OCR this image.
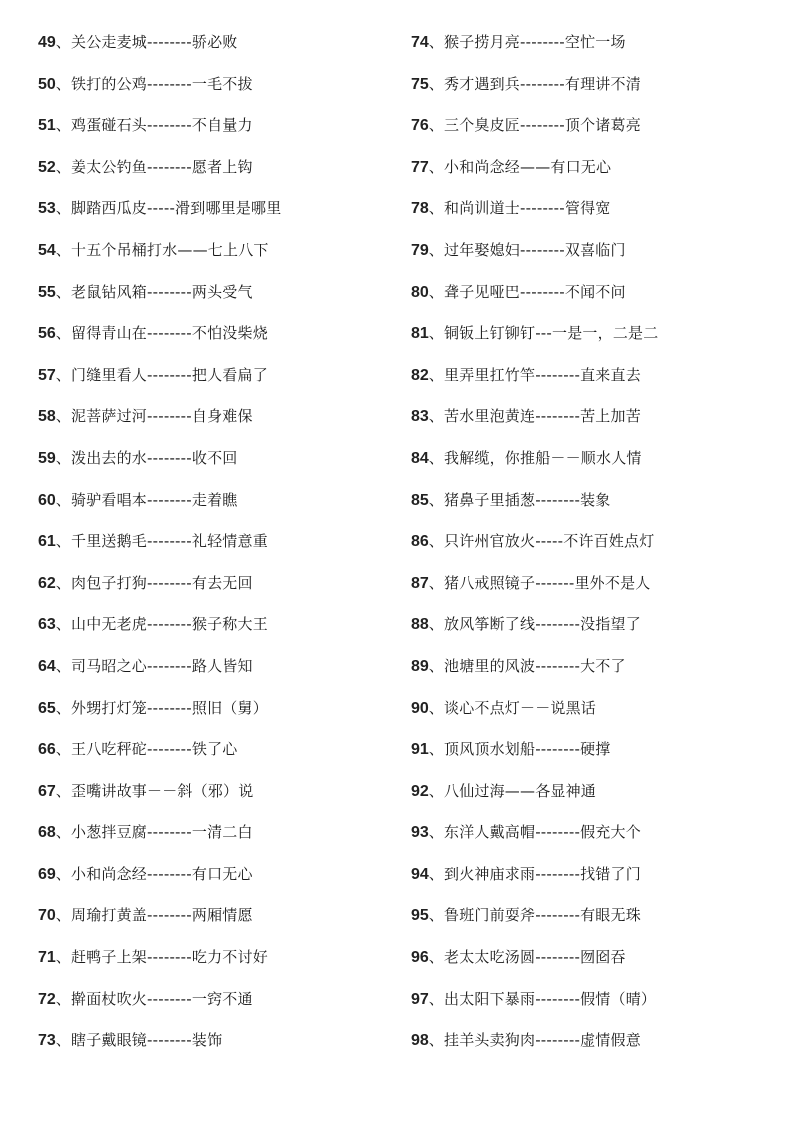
49、关公走麦城--------骄必败
50、铁打的公鸡--------一毛不拔
51、鸡蛋碰石头--------不自量力
52、姜太公钓鱼--------愿者上钩
53、脚踏西瓜皮-----滑到哪里是哪里
54、十五个吊桶打水——七上八下
55、老鼠钻风箱--------两头受气
56、留得青山在--------不怕没柴烧
57、门缝里看人--------把人看扁了
58、泥菩萨过河--------自身难保
59、泼出去的水--------收不回
60、骑驴看唱本--------走着瞧
61、千里送鹅毛--------礼轻情意重
62、肉包子打狗--------有去无回
63、山中无老虎--------猴子称大王
64、司马昭之心--------路人皆知
65、外甥打灯笼--------照旧（舅）
66、王八吃秤砣--------铁了心
67、歪嘴讲故事－－斜（邪）说
68、小葱拌豆腐--------一清二白
69、小和尚念经--------有口无心
70、周瑜打黄盖--------两厢情愿
71、赶鸭子上架--------吃力不讨好
72、擀面杖吹火--------一窍不通
73、瞎子戴眼镜--------装饰
74、猴子捞月亮--------空忙一场
75、秀才遇到兵--------有理讲不清
76、三个臭皮匠--------顶个诸葛亮
77、小和尚念经——有口无心
78、和尚训道士--------管得宽
79、过年娶媳妇--------双喜临门
80、聋子见哑巴--------不闻不问
81、铜钣上钉铆钉---一是一，二是二
82、里弄里扛竹竿--------直来直去
83、苦水里泡黄连--------苦上加苦
84、我解缆，你推船－－顺水人情
85、猪鼻子里插葱--------装象
86、只许州官放火-----不许百姓点灯
87、猪八戒照镜子-------里外不是人
88、放风筝断了线--------没指望了
89、池塘里的风波--------大不了
90、谈心不点灯－－说黑话
91、顶风顶水划船--------硬撑
92、八仙过海——各显神通
93、东洋人戴高帽--------假充大个
94、到火神庙求雨--------找错了门
95、鲁班门前耍斧--------有眼无珠
96、老太太吃汤圆--------囫囵吞
97、出太阳下暴雨--------假情（晴）
98、挂羊头卖狗肉--------虚情假意
